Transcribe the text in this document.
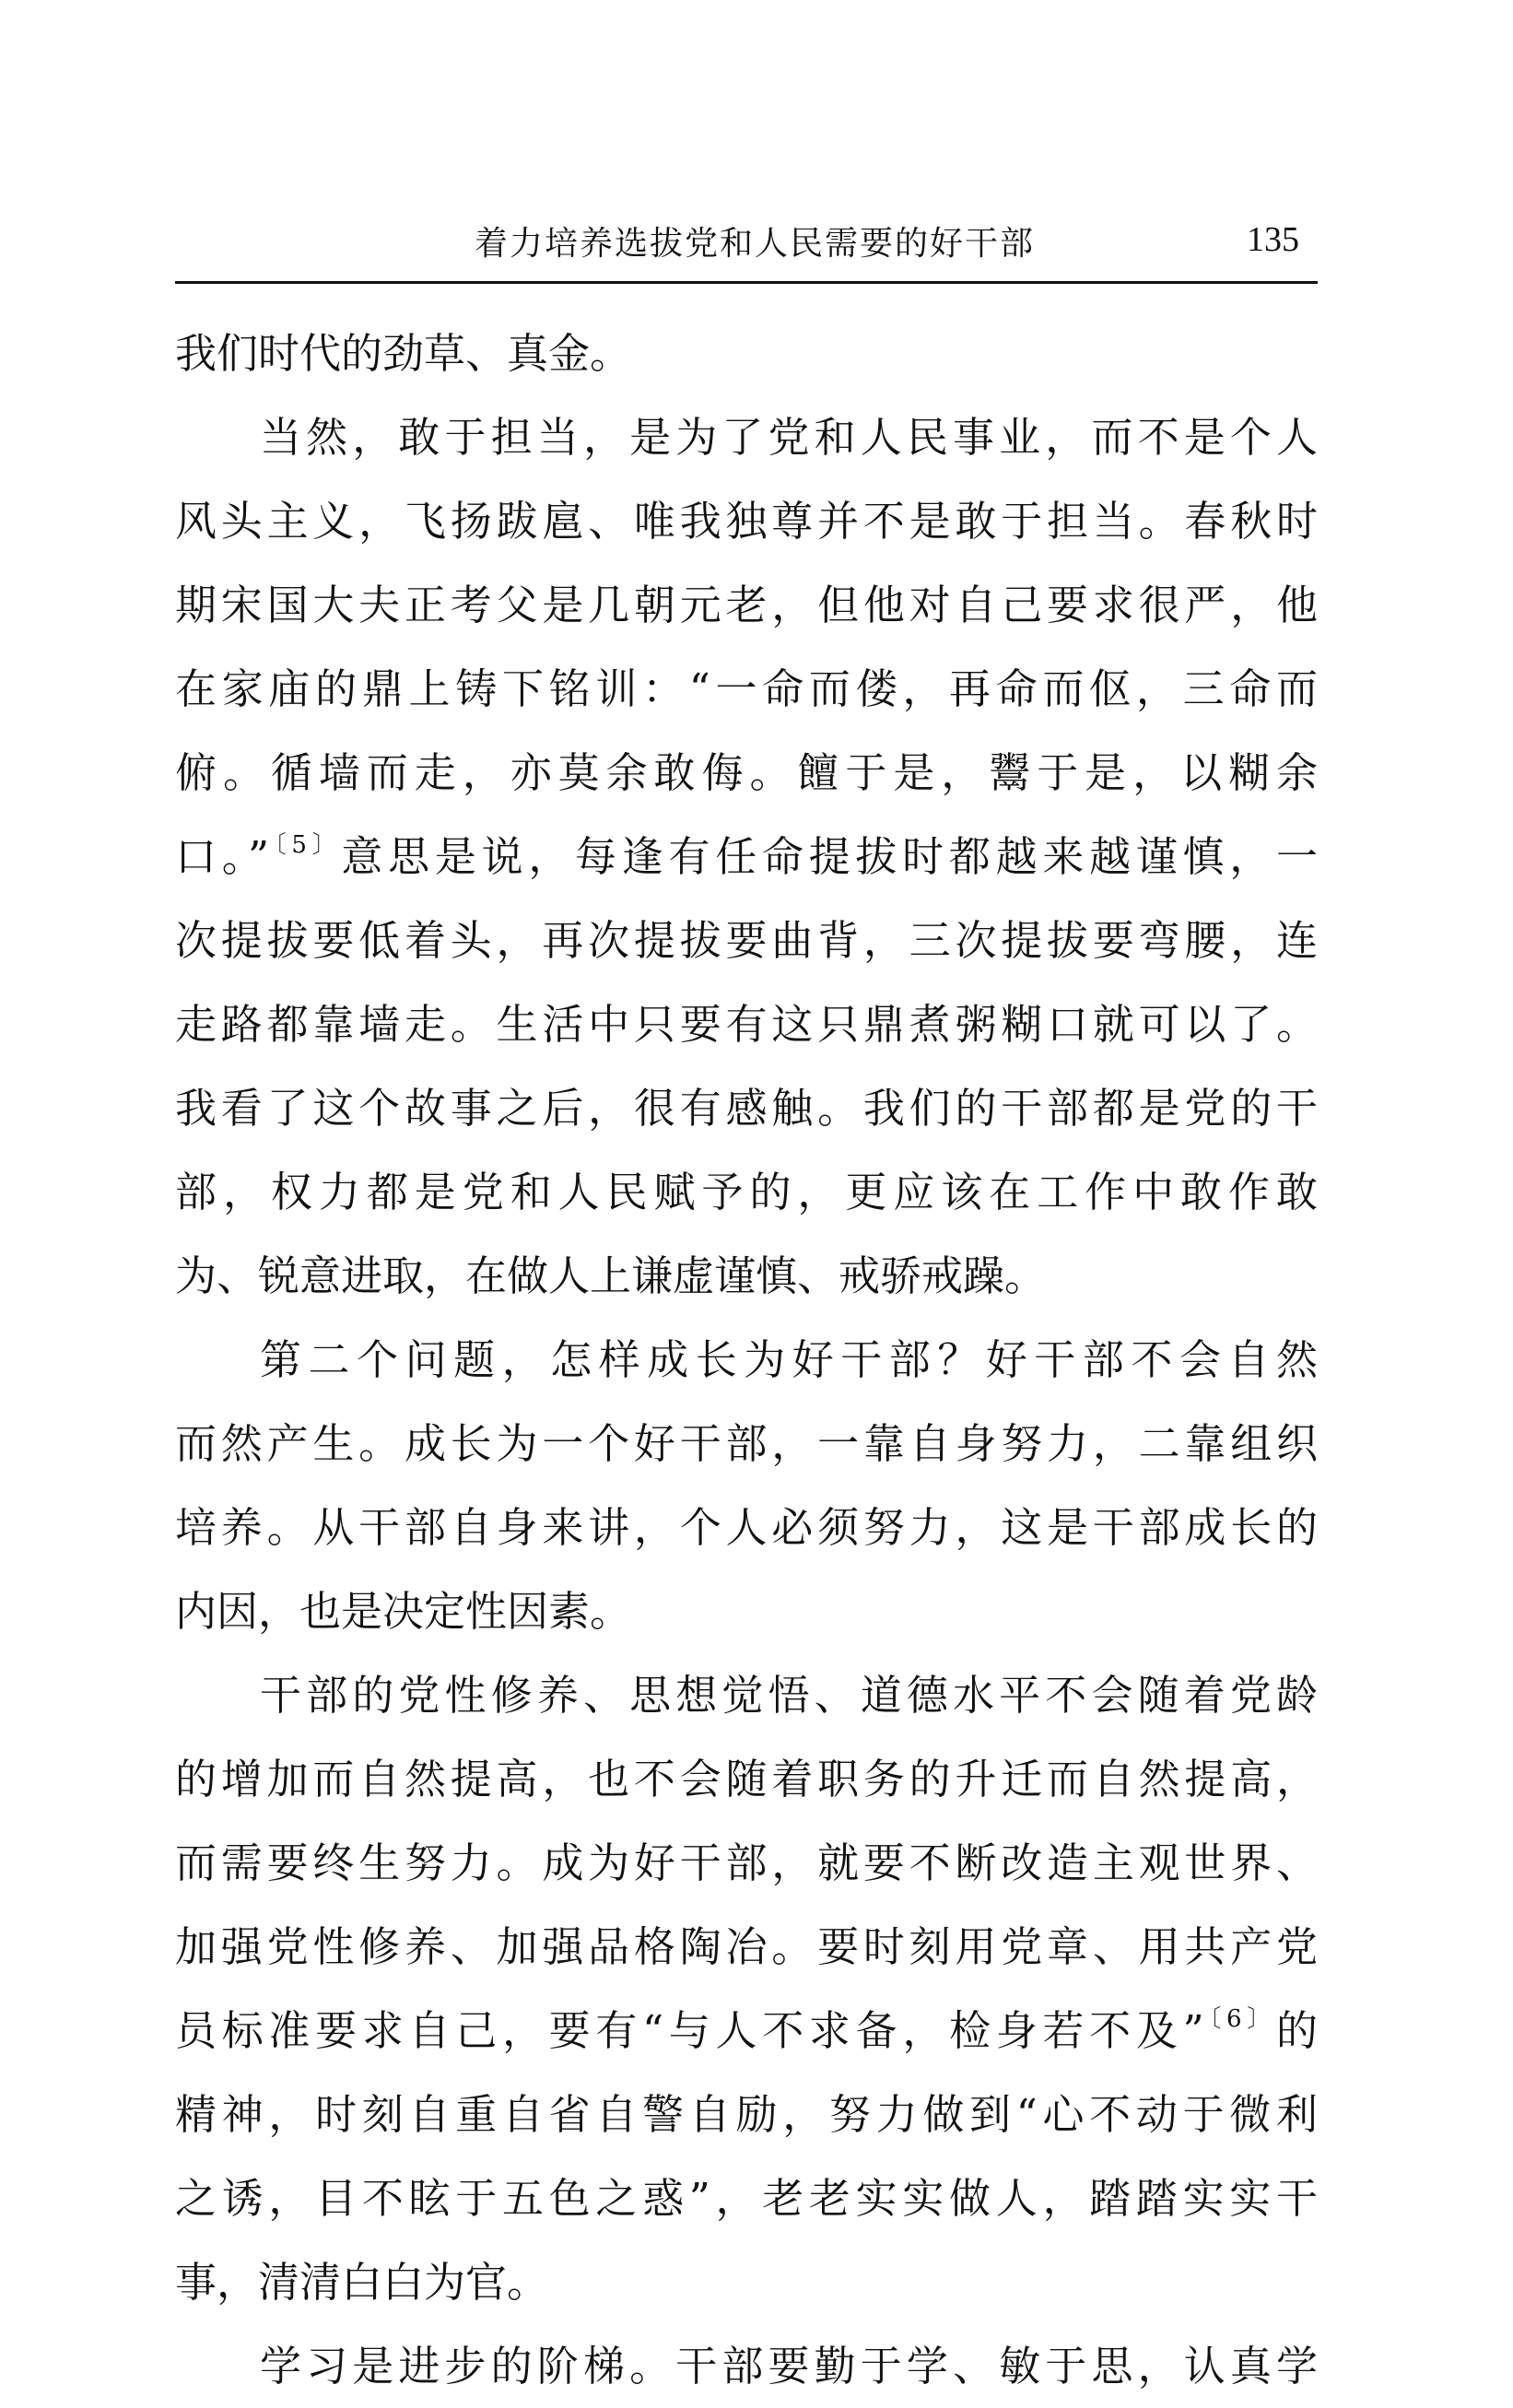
着力培养选拔党和人民需要的好干部	135
我们时代的劲草、真金。
当然，敢于担当，是为了党和人民事业，而不是个人
风头主义，飞扬跋扈、唯我独尊并不是敢于担当。春秋时
期宋国大夫正考父是几朝元老，但他对自己要求很严，他
在家庙的鼎上铸下铭训：“一命而偻，再命而伛，三命而
俯。循墙而走，亦莫余敢侮。饘于是，鬻于是，以糊余
口。”$^{〔5〕}$意思是说，每逢有任命提拔时都越来越谨慎，一
次提拔要低着头，再次提拔要曲背，三次提拔要弯腰，连
走路都靠墙走。生活中只要有这只鼎煮粥糊口就可以了。
我看了这个故事之后，很有感触。我们的干部都是党的干
部，权力都是党和人民赋予的，更应该在工作中敢作敢
为、锐意进取，在做人上谦虚谨慎、戒骄戒躁。
第二个问题，怎样成长为好干部？好干部不会自然
而然产生。成长为一个好干部，一靠自身努力，二靠组织
培养。从干部自身来讲，个人必须努力，这是干部成长的
内因，也是决定性因素。
干部的党性修养、思想觉悟、道德水平不会随着党龄
的增加而自然提高，也不会随着职务的升迁而自然提高，
而需要终生努力。成为好干部，就要不断改造主观世界、
加强党性修养、加强品格陶冶。要时刻用党章、用共产党
员标准要求自己，要有“与人不求备，检身若不及”$^{〔6〕}$的
精神，时刻自重自省自警自励，努力做到“心不动于微利
之诱，目不眩于五色之惑”，老老实实做人，踏踏实实干
事，清清白白为官。
学习是进步的阶梯。干部要勤于学、敏于思，认真学
